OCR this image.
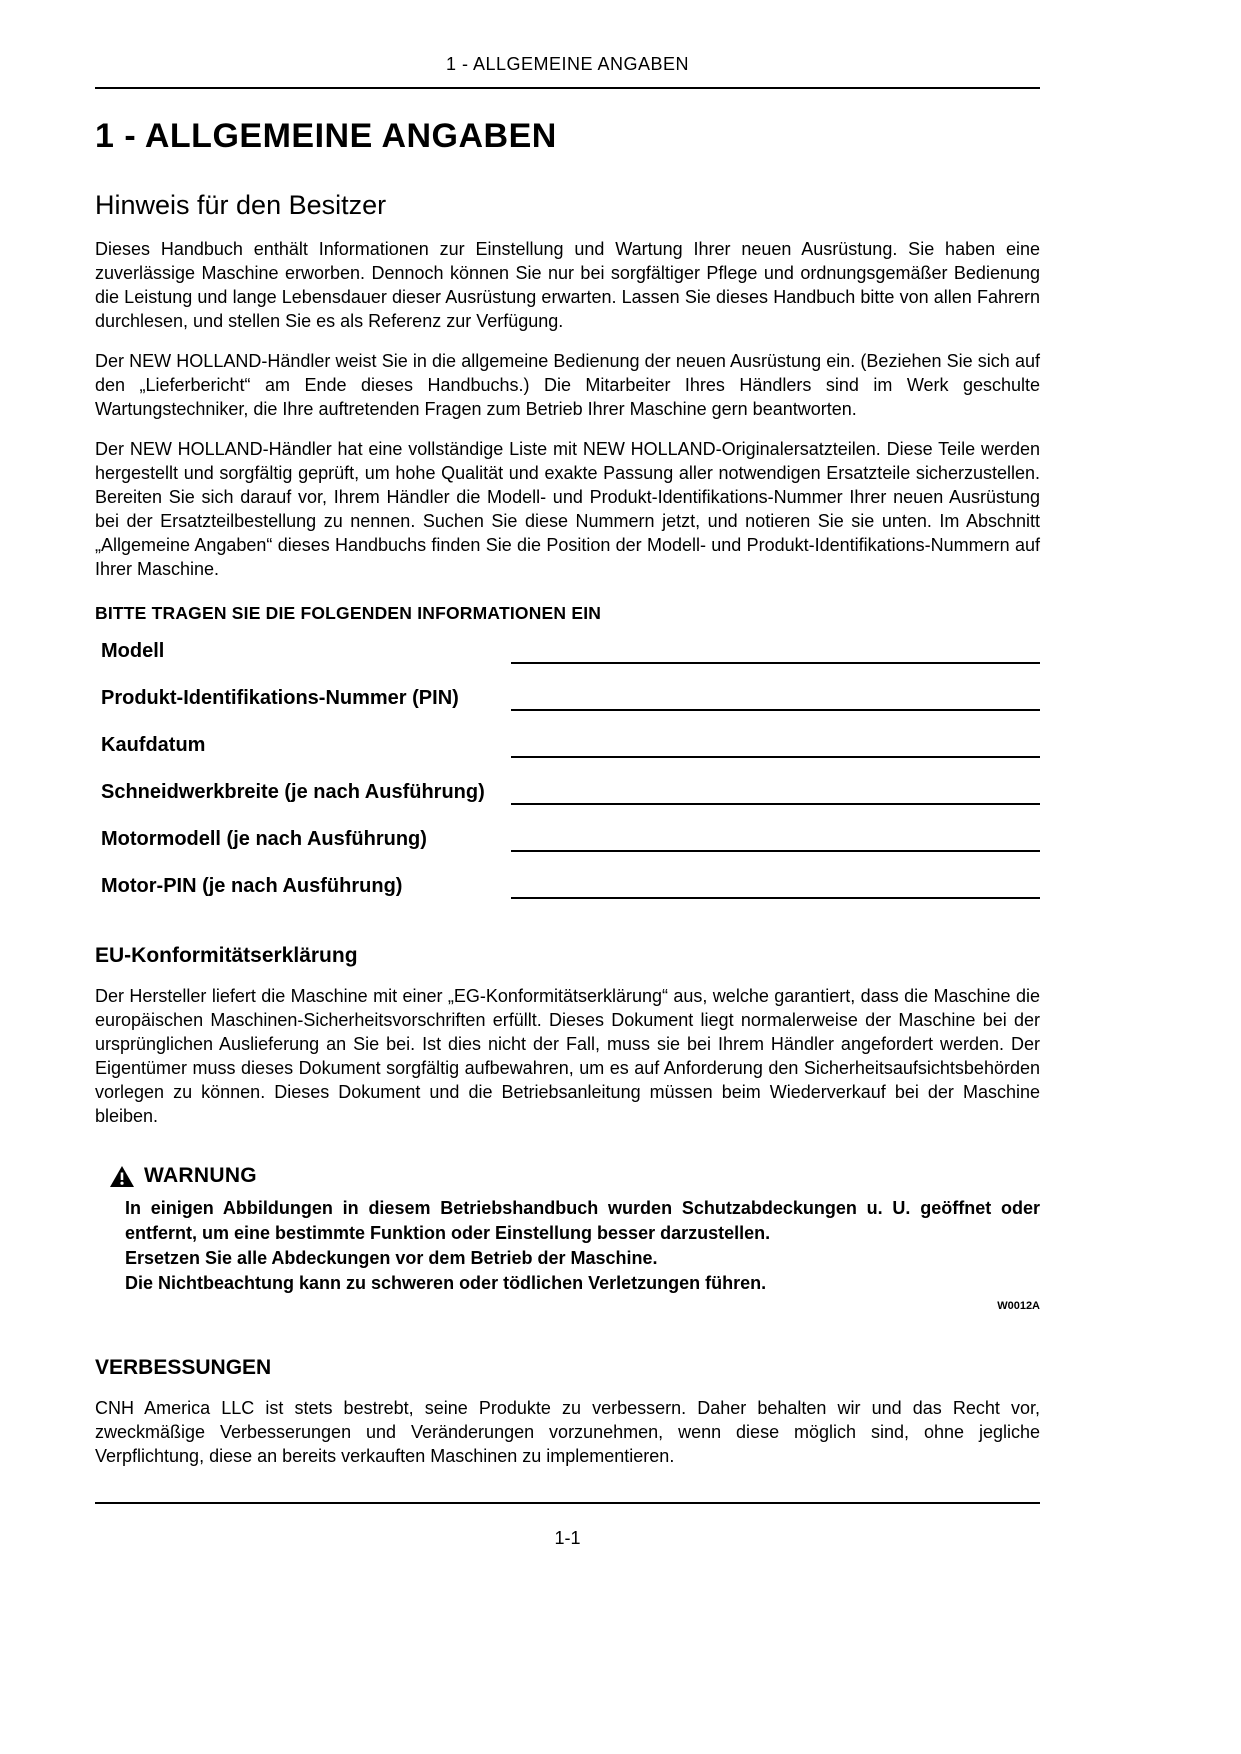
1 - ALLGEMEINE ANGABEN
1 - ALLGEMEINE ANGABEN
Hinweis für den Besitzer

Dieses Handbuch enthält Informationen zur Einstellung und Wartung Ihrer neuen Ausrüstung. Sie haben eine zuverlässige Maschine erworben. Dennoch können Sie nur bei sorgfältiger Pflege und ordnungsgemäßer Bedienung die Leistung und lange Lebensdauer dieser Ausrüstung erwarten. Lassen Sie dieses Handbuch bitte von allen Fahrern durchlesen, und stellen Sie es als Referenz zur Verfügung.

Der NEW HOLLAND-Händler weist Sie in die allgemeine Bedienung der neuen Ausrüstung ein. (Beziehen Sie sich auf den „Lieferbericht“ am Ende dieses Handbuchs.) Die Mitarbeiter Ihres Händlers sind im Werk geschulte Wartungstechniker, die Ihre auftretenden Fragen zum Betrieb Ihrer Maschine gern beantworten.

Der NEW HOLLAND-Händler hat eine vollständige Liste mit NEW HOLLAND-Originalersatzteilen. Diese Teile werden hergestellt und sorgfältig geprüft, um hohe Qualität und exakte Passung aller notwendigen Ersatzteile sicherzustellen. Bereiten Sie sich darauf vor, Ihrem Händler die Modell- und Produkt-Identifikations-Nummer Ihrer neuen Ausrüstung bei der Ersatzteilbestellung zu nennen. Suchen Sie diese Nummern jetzt, und notieren Sie sie unten. Im Abschnitt „Allgemeine Angaben“ dieses Handbuchs finden Sie die Position der Modell- und Produkt-Identifikations-Nummern auf Ihrer Maschine.

BITTE TRAGEN SIE DIE FOLGENDEN INFORMATIONEN EIN
Modell
Produkt-Identifikations-Nummer (PIN)
Kaufdatum
Schneidwerkbreite (je nach Ausführung)
Motormodell (je nach Ausführung)
Motor-PIN (je nach Ausführung)
EU-Konformitätserklärung

Der Hersteller liefert die Maschine mit einer „EG-Konformitätserklärung“ aus, welche garantiert, dass die Maschine die europäischen Maschinen-Sicherheitsvorschriften erfüllt. Dieses Dokument liegt normalerweise der Maschine bei der ursprünglichen Auslieferung an Sie bei. Ist dies nicht der Fall, muss sie bei Ihrem Händler angefordert werden. Der Eigentümer muss dieses Dokument sorgfältig aufbewahren, um es auf Anforderung den Sicherheitsaufsichtsbehörden vorlegen zu können. Dieses Dokument und die Betriebsanleitung müssen beim Wiederverkauf bei der Maschine bleiben.

WARNUNG

In einigen Abbildungen in diesem Betriebshandbuch wurden Schutzabdeckungen u. U. geöffnet oder entfernt, um eine bestimmte Funktion oder Einstellung besser darzustellen.

Ersetzen Sie alle Abdeckungen vor dem Betrieb der Maschine.

Die Nichtbeachtung kann zu schweren oder tödlichen Verletzungen führen.

W0012A
VERBESSUNGEN

CNH America LLC ist stets bestrebt, seine Produkte zu verbessern. Daher behalten wir und das Recht vor, zweckmäßige Verbesserungen und Veränderungen vorzunehmen, wenn diese möglich sind, ohne jegliche Verpflichtung, diese an bereits verkauften Maschinen zu implementieren.

1-1
